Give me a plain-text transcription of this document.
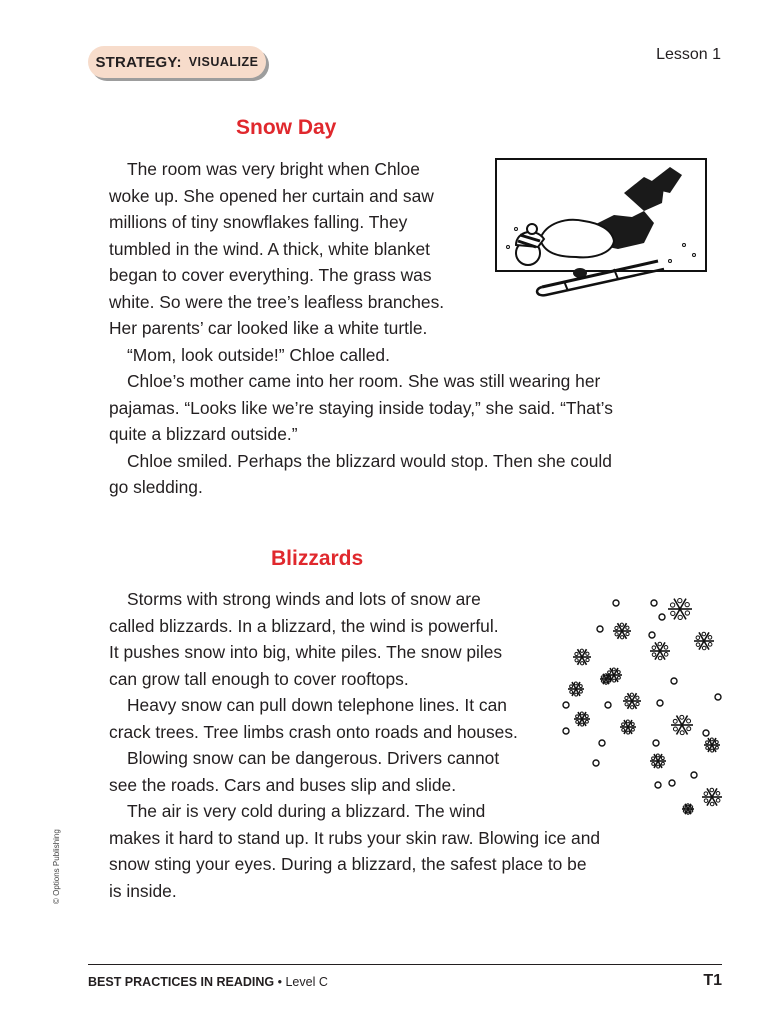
STRATEGY: VISUALIZE	Lesson 1
Snow Day

The room was very bright when Chloe
woke up. She opened her curtain and saw
millions of tiny snowflakes falling. They
tumbled in the wind. A thick, white blanket
began to cover everything. The grass was
white. So were the tree’s leafless branches.
Her parents’ car looked like a white turtle.

“Mom, look outside!” Chloe called.

Chloe’s mother came into her room. She was still wearing her
pajamas. “Looks like we’re staying inside today,” she said. “That’s
quite a blizzard outside.”

Chloe smiled. Perhaps the blizzard would stop. Then she could
go sledding.

Blizzards

Storms with strong winds and lots of snow are
called blizzards. In a blizzard, the wind is powerful.
It pushes snow into big, white piles. The snow piles
can grow tall enough to cover rooftops.

Heavy snow can pull down telephone lines. It can
crack trees. Tree limbs crash onto roads and houses.

Blowing snow can be dangerous. Drivers cannot
see the roads. Cars and buses slip and slide.

The air is very cold during a blizzard. The wind
makes it hard to stand up. It rubs your skin raw. Blowing ice and
snow sting your eyes. During a blizzard, the safest place to be
is inside.

© Options Publishing
BEST PRACTICES IN READING • Level C	T1
